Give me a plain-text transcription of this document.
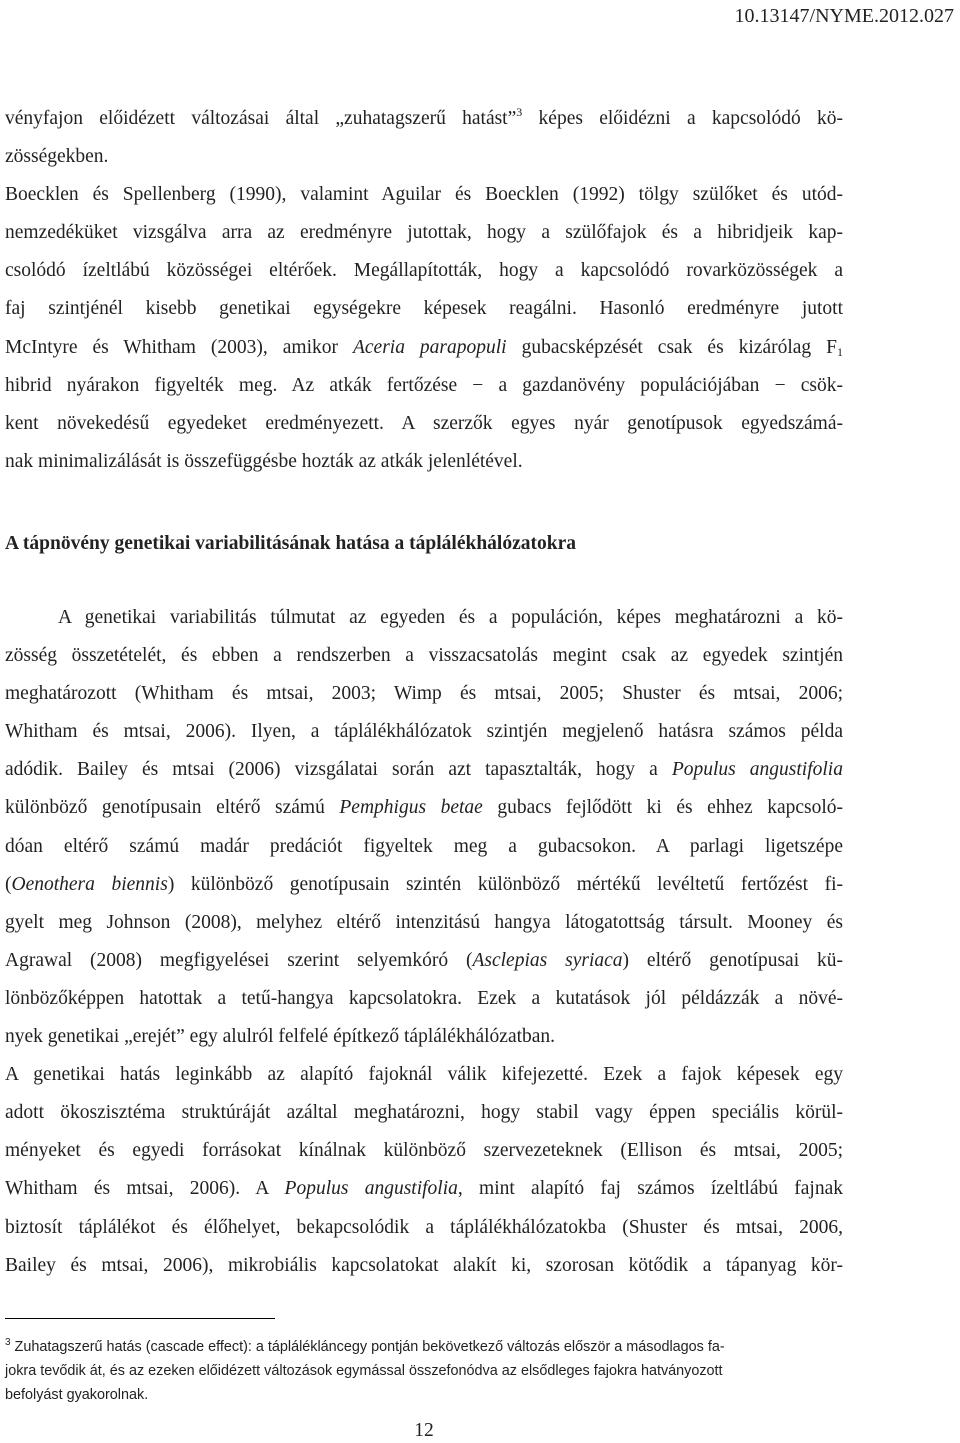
10.13147/NYME.2012.027
vényfajon előidézett változásai által „zuhatagszerű hatást”$^3$ képes előidézni a kapcsolódó kö-
zösségekben.
Boecklen és Spellenberg (1990), valamint Aguilar és Boecklen (1992) tölgy szülőket és utód-
nemzedéküket vizsgálva arra az eredményre jutottak, hogy a szülőfajok és a hibridjeik kap-
csolódó ízeltlábú közösségei eltérőek. Megállapították, hogy a kapcsolódó rovarközösségek a
faj szintjénél kisebb genetikai egységekre képesek reagálni. Hasonló eredményre jutott
McIntyre és Whitham (2003), amikor Aceria parapopuli gubacsképzését csak és kizárólag $F_1$
hibrid nyárakon figyelték meg. Az atkák fertőzése − a gazdanövény populációjában − csök-
kent növekedésű egyedeket eredményezett. A szerzők egyes nyár genotípusok egyedszámá-
nak minimalizálását is összefüggésbe hozták az atkák jelenlétével.
A tápnövény genetikai variabilitásának hatása a táplálékhálózatokra
A genetikai variabilitás túlmutat az egyeden és a populáción, képes meghatározni a kö-
zösség összetételét, és ebben a rendszerben a visszacsatolás megint csak az egyedek szintjén
meghatározott (Whitham és mtsai, 2003; Wimp és mtsai, 2005; Shuster és mtsai, 2006;
Whitham és mtsai, 2006). Ilyen, a táplálékhálózatok szintjén megjelenő hatásra számos példa
adódik. Bailey és mtsai (2006) vizsgálatai során azt tapasztalták, hogy a Populus angustifolia
különböző genotípusain eltérő számú Pemphigus betae gubacs fejlődött ki és ehhez kapcsoló-
dóan eltérő számú madár predációt figyeltek meg a gubacsokon. A parlagi ligetszépe
(Oenothera biennis) különböző genotípusain szintén különböző mértékű levéltetű fertőzést fi-
gyelt meg Johnson (2008), melyhez eltérő intenzitású hangya látogatottság társult. Mooney és
Agrawal (2008) megfigyelései szerint selyemkóró (Asclepias syriaca) eltérő genotípusai kü-
lönbözőképpen hatottak a tetű-hangya kapcsolatokra. Ezek a kutatások jól példázzák a növé-
nyek genetikai „erejét” egy alulról felfelé építkező táplálékhálózatban.
A genetikai hatás leginkább az alapító fajoknál válik kifejezetté. Ezek a fajok képesek egy
adott ökoszisztéma struktúráját azáltal meghatározni, hogy stabil vagy éppen speciális körül-
ményeket és egyedi forrásokat kínálnak különböző szervezeteknek (Ellison és mtsai, 2005;
Whitham és mtsai, 2006). A Populus angustifolia, mint alapító faj számos ízeltlábú fajnak
biztosít táplálékot és élőhelyet, bekapcsolódik a táplálékhálózatokba (Shuster és mtsai, 2006,
Bailey és mtsai, 2006), mikrobiális kapcsolatokat alakít ki, szorosan kötődik a tápanyag kör-
$^3$ Zuhatagszerű hatás (cascade effect): a táplálékláncegy pontján bekövetkező változás először a másodlagos fa-
jokra tevődik át, és az ezeken előidézett változások egymással összefonódva az elsődleges fajokra hatványozott
befolyást gyakorolnak.
12
